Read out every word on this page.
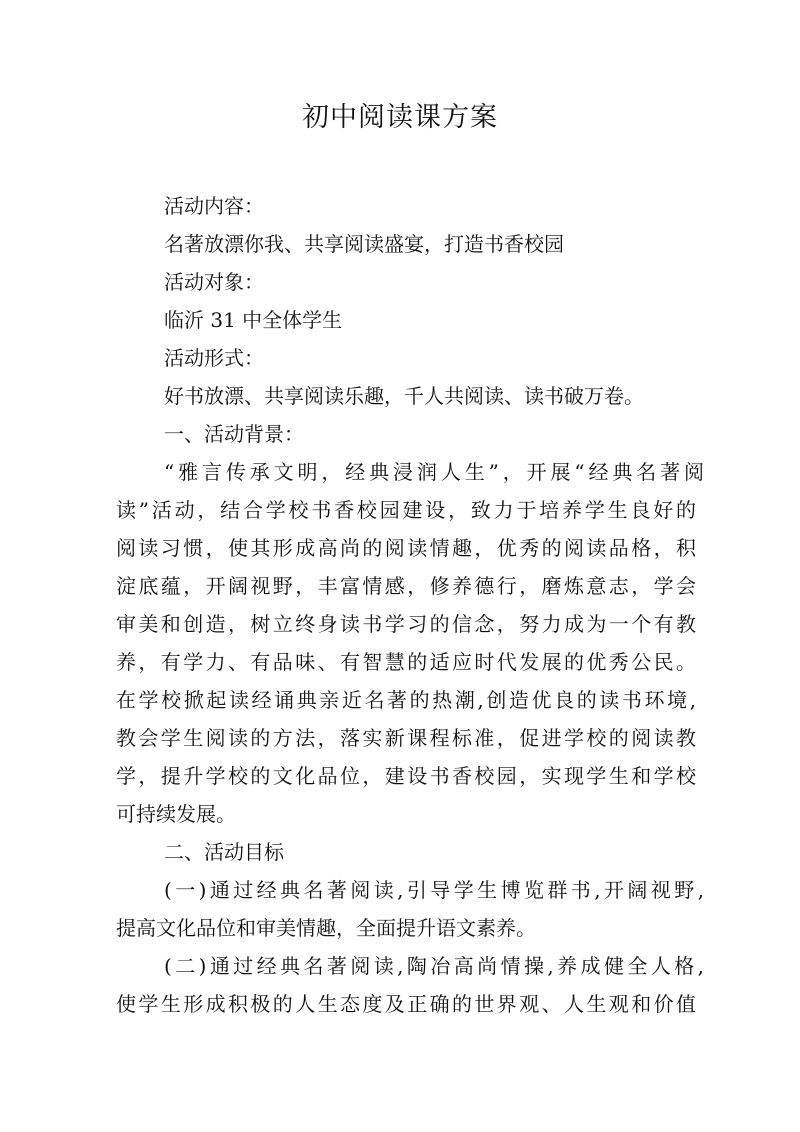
初中阅读课方案

活动内容：

名著放漂你我、共享阅读盛宴，打造书香校园

活动对象：

临沂 31 中全体学生

活动形式：

好书放漂、共享阅读乐趣，千人共阅读、读书破万卷。

一、活动背景：

“雅言传承文明，经典浸润人生”，开展“经典名著阅

读”活动，结合学校书香校园建设，致力于培养学生良好的

阅读习惯，使其形成高尚的阅读情趣，优秀的阅读品格，积

淀底蕴，开阔视野，丰富情感，修养德行，磨炼意志，学会

审美和创造，树立终身读书学习的信念，努力成为一个有教

养，有学力、有品味、有智慧的适应时代发展的优秀公民。

在学校掀起读经诵典亲近名著的热潮,创造优良的读书环境,

教会学生阅读的方法，落实新课程标准，促进学校的阅读教

学，提升学校的文化品位，建设书香校园，实现学生和学校

可持续发展。

二、活动目标

(一)通过经典名著阅读,引导学生博览群书,开阔视野,

提高文化品位和审美情趣，全面提升语文素养。

(二)通过经典名著阅读,陶冶高尚情操,养成健全人格,

使学生形成积极的人生态度及正确的世界观、人生观和价值
